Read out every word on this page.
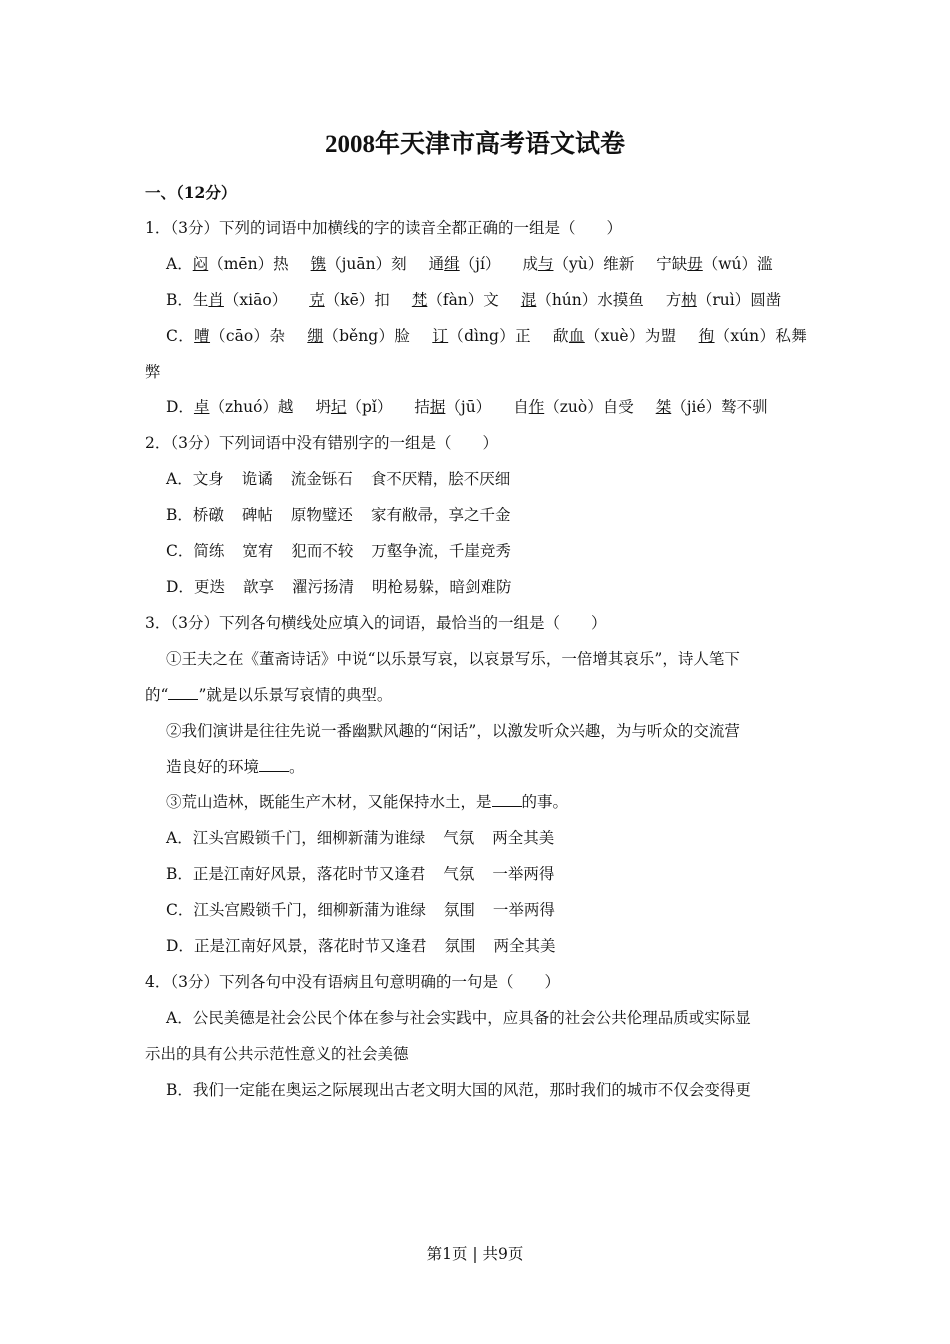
2008年天津市高考语文试卷
一、（12分）
1．（3分）下列的词语中加横线的字的读音全都正确的一组是（　　）
A．闷（mēn）热 镌（juān）刻 通缉（jí） 成与（yù）维新 宁缺毋（wú）滥
B．生肖（xiāo） 克（kē）扣 梵（fàn）文 混（hún）水摸鱼 方枘（ruì）圆凿
C．嘈（cāo）杂 绷（běng）脸 订（dìng）正 歃血（xuè）为盟 徇（xún）私舞弊
D．卓（zhuó）越 坍圮（pǐ） 拮据（jū） 自作（zuò）自受 桀（jié）骜不驯
2．（3分）下列词语中没有错别字的一组是（　　）
A．文身 诡谲 流金铄石 食不厌精，脍不厌细
B．桥礅 碑帖 原物璧还 家有敝帚，享之千金
C．简练 宽宥 犯而不较 万壑争流，千崖竞秀
D．更迭 歆享 濯污扬清 明枪易躲，暗剑难防
3．（3分）下列各句横线处应填入的词语，最恰当的一组是（　　）
①王夫之在《董斋诗话》中说“以乐景写哀，以哀景写乐，一倍增其哀乐”，诗人笔下
的“ ”就是以乐景写哀情的典型。
②我们演讲是往往先说一番幽默风趣的“闲话”，以激发听众兴趣，为与听众的交流营
造良好的环境 。
③荒山造林，既能生产木材，又能保持水土，是 的事。
A．江头宫殿锁千门，细柳新蒲为谁绿 气氛 两全其美
B．正是江南好风景，落花时节又逢君 气氛 一举两得
C．江头宫殿锁千门，细柳新蒲为谁绿 氛围 一举两得
D．正是江南好风景，落花时节又逢君 氛围 两全其美
4．（3分）下列各句中没有语病且句意明确的一句是（　　）
A．公民美德是社会公民个体在参与社会实践中，应具备的社会公共伦理品质或实际显
示出的具有公共示范性意义的社会美德
B．我们一定能在奥运之际展现出古老文明大国的风范，那时我们的城市不仅会变得更
第1页 | 共9页
